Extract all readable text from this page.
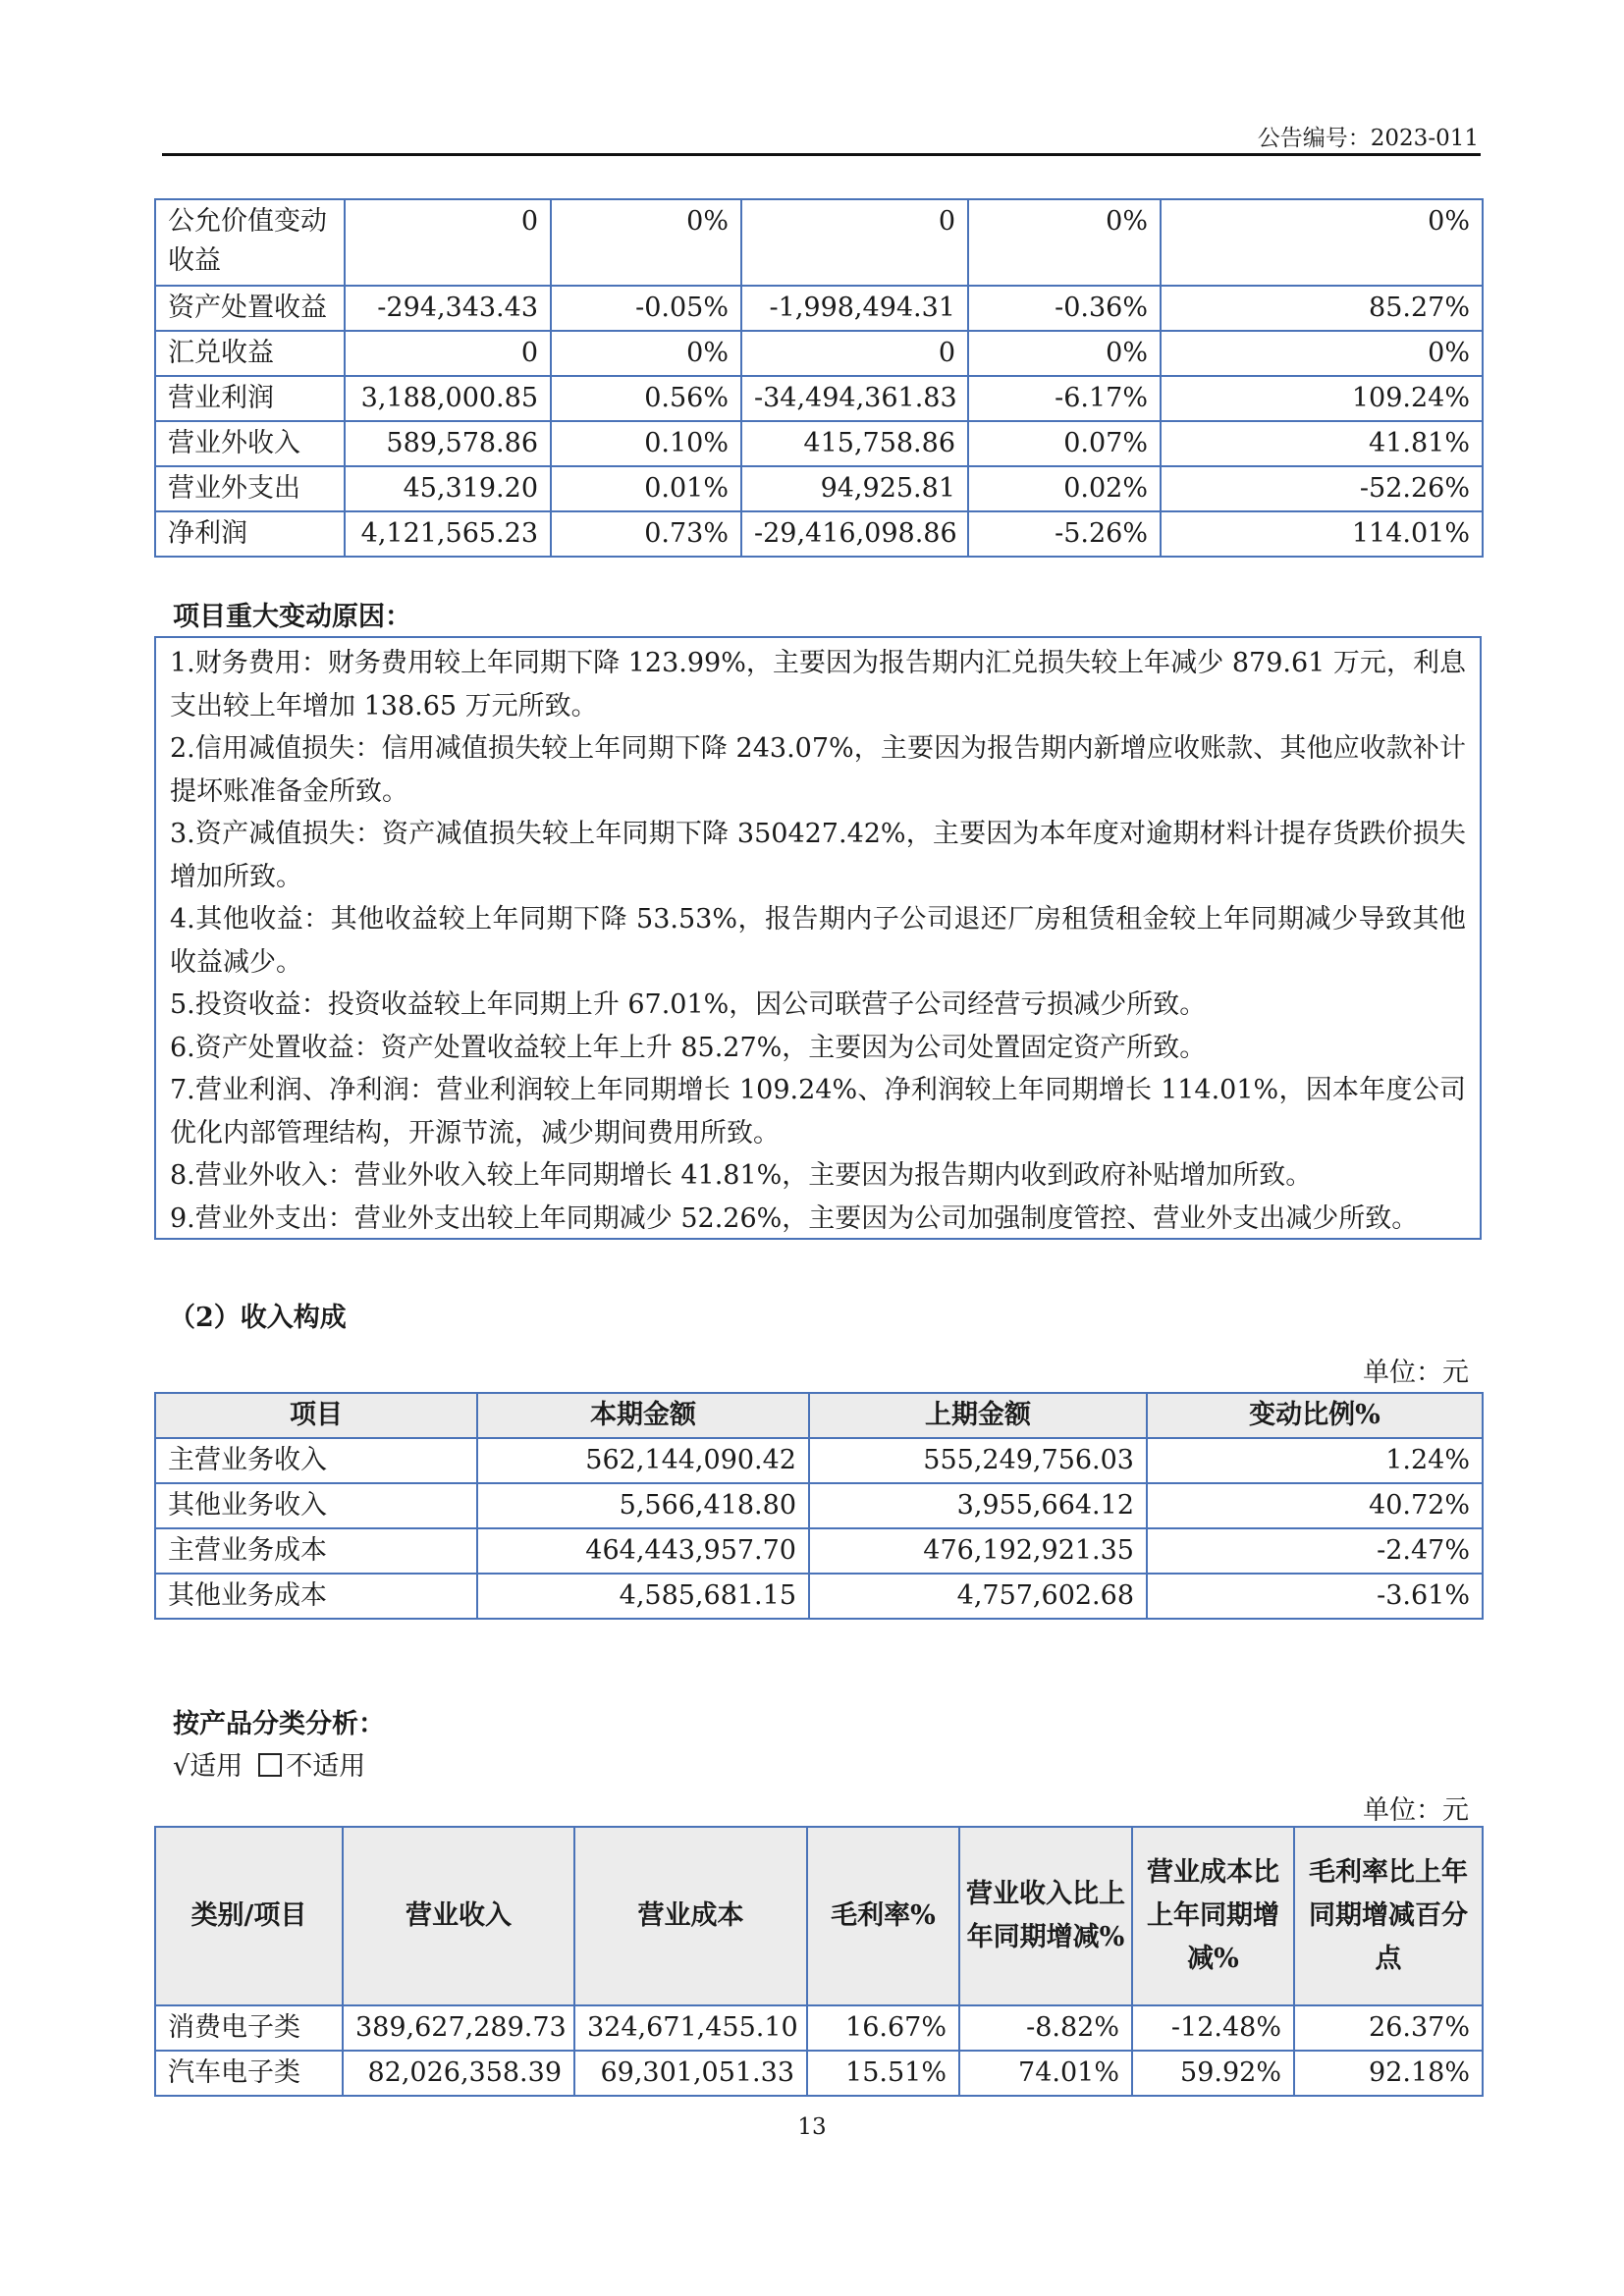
公告编号：2023-011
公允价值变动收益	0	0%	0	0%	0%
资产处置收益	-294,343.43	-0.05%	-1,998,494.31	-0.36%	85.27%
汇兑收益	0	0%	0	0%	0%
营业利润	3,188,000.85	0.56%	-34,494,361.83	-6.17%	109.24%
营业外收入	589,578.86	0.10%	415,758.86	0.07%	41.81%
营业外支出	45,319.20	0.01%	94,925.81	0.02%	-52.26%
净利润	4,121,565.23	0.73%	-29,416,098.86	-5.26%	114.01%
项目重大变动原因：

1.财务费用：财务费用较上年同期下降 123.99%，主要因为报告期内汇兑损失较上年减少 879.61 万元，利息支出较上年增加 138.65 万元所致。

2.信用减值损失：信用减值损失较上年同期下降 243.07%，主要因为报告期内新增应收账款、其他应收款补计提坏账准备金所致。

3.资产减值损失：资产减值损失较上年同期下降 350427.42%，主要因为本年度对逾期材料计提存货跌价损失增加所致。

4.其他收益：其他收益较上年同期下降 53.53%，报告期内子公司退还厂房租赁租金较上年同期减少导致其他收益减少。

5.投资收益：投资收益较上年同期上升 67.01%，因公司联营子公司经营亏损减少所致。

6.资产处置收益：资产处置收益较上年上升 85.27%，主要因为公司处置固定资产所致。

7.营业利润、净利润：营业利润较上年同期增长 109.24%、净利润较上年同期增长 114.01%，因本年度公司优化内部管理结构，开源节流，减少期间费用所致。

8.营业外收入：营业外收入较上年同期增长 41.81%，主要因为报告期内收到政府补贴增加所致。

9.营业外支出：营业外支出较上年同期减少 52.26%，主要因为公司加强制度管控、营业外支出减少所致。

（2）收入构成
单位：元
项目	本期金额	上期金额	变动比例%
主营业务收入	562,144,090.42	555,249,756.03	1.24%
其他业务收入	5,566,418.80	3,955,664.12	40.72%
主营业务成本	464,443,957.70	476,192,921.35	-2.47%
其他业务成本	4,585,681.15	4,757,602.68	-3.61%
按产品分类分析：
√适用 不适用
单位：元
类别/项目	营业收入	营业成本	毛利率%	营业收入比上年同期增减%	营业成本比上年同期增减%	毛利率比上年同期增减百分点
消费电子类	389,627,289.73	324,671,455.10	16.67%	-8.82%	-12.48%	26.37%
汽车电子类	82,026,358.39	69,301,051.33	15.51%	74.01%	59.92%	92.18%
13
